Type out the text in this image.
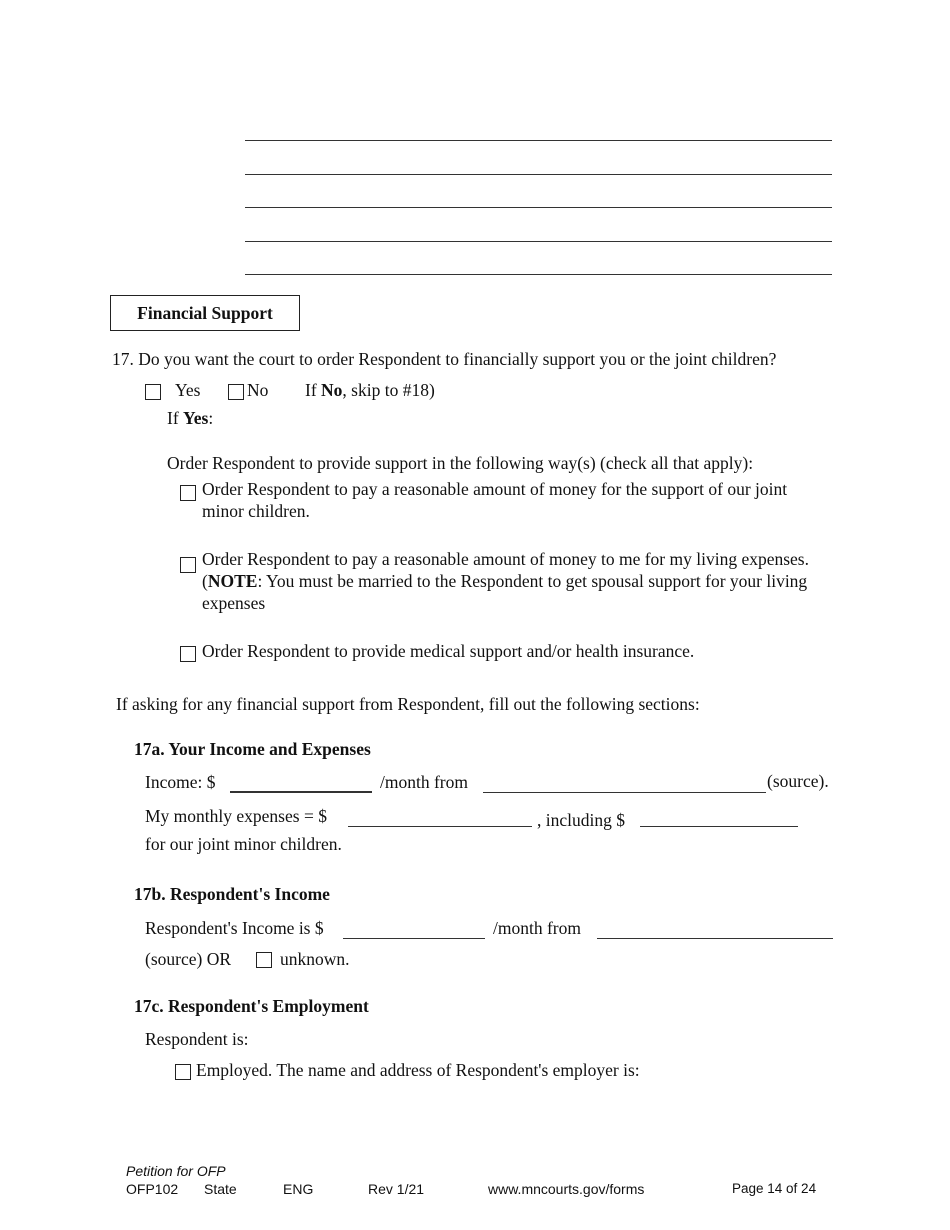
Financial Support
17. Do you want the court to order Respondent to financially support you or the joint children?
Yes	No If No, skip to #18)
If Yes:
Order Respondent to provide support in the following way(s) (check all that apply):
Order Respondent to pay a reasonable amount of money for the support of our joint minor children.
Order Respondent to pay a reasonable amount of money to me for my living expenses. (NOTE: You must be married to the Respondent to get spousal support for your living expenses
Order Respondent to provide medical support and/or health insurance.
If asking for any financial support from Respondent, fill out the following sections:
17a. Your Income and Expenses
Income: $	/month from	(source).
My monthly expenses = $	, including $
for our joint minor children.
17b. Respondent's Income
Respondent's Income is $	/month from
(source) OR	unknown.
17c. Respondent's Employment
Respondent is:
Employed. The name and address of Respondent's employer is:
Petition for OFP
OFP102 State	ENG	Rev 1/21	www.mncourts.gov/forms	Page 14 of 24
